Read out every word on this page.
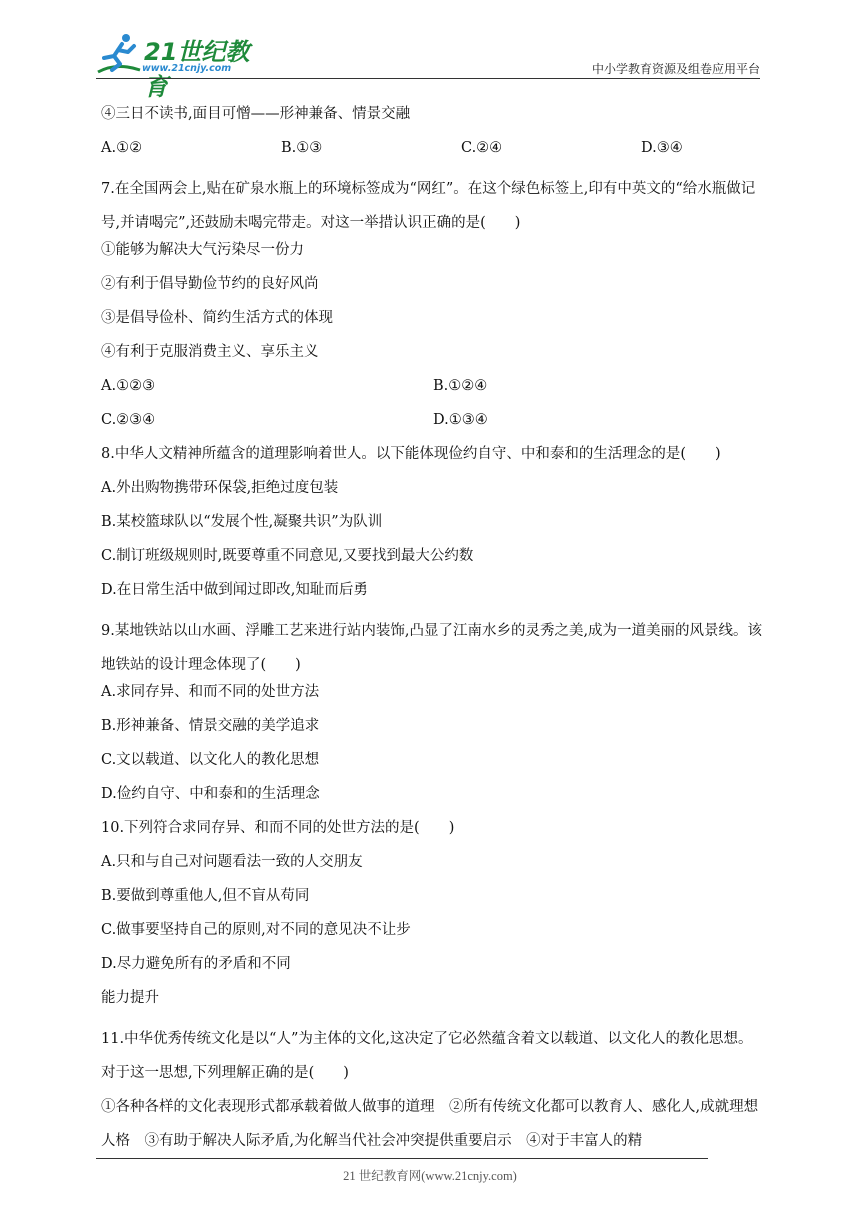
21世纪教育
www.21cnjy.com	中小学教育资源及组卷应用平台
④三日不读书,面目可憎——形神兼备、情景交融
A.①②	B.①③	C.②④	D.③④
7.在全国两会上,贴在矿泉水瓶上的环境标签成为“网红”。在这个绿色标签上,印有中英文的“给水瓶做记号,并请喝完”,还鼓励未喝完带走。对这一举措认识正确的是(　　)
①能够为解决大气污染尽一份力
②有利于倡导勤俭节约的良好风尚
③是倡导俭朴、简约生活方式的体现
④有利于克服消费主义、享乐主义
A.①②③	B.①②④
C.②③④	D.①③④
8.中华人文精神所蕴含的道理影响着世人。以下能体现俭约自守、中和泰和的生活理念的是(　　)
A.外出购物携带环保袋,拒绝过度包装
B.某校篮球队以“发展个性,凝聚共识”为队训
C.制订班级规则时,既要尊重不同意见,又要找到最大公约数
D.在日常生活中做到闻过即改,知耻而后勇
9.某地铁站以山水画、浮雕工艺来进行站内装饰,凸显了江南水乡的灵秀之美,成为一道美丽的风景线。该地铁站的设计理念体现了(　　)
A.求同存异、和而不同的处世方法
B.形神兼备、情景交融的美学追求
C.文以载道、以文化人的教化思想
D.俭约自守、中和泰和的生活理念
10.下列符合求同存异、和而不同的处世方法的是(　　)
A.只和与自己对问题看法一致的人交朋友
B.要做到尊重他人,但不盲从苟同
C.做事要坚持自己的原则,对不同的意见决不让步
D.尽力避免所有的矛盾和不同
能力提升
11.中华优秀传统文化是以“人”为主体的文化,这决定了它必然蕴含着文以载道、以文化人的教化思想。对于这一思想,下列理解正确的是(　　)
①各种各样的文化表现形式都承载着做人做事的道理　②所有传统文化都可以教育人、感化人,成就理想人格　③有助于解决人际矛盾,为化解当代社会冲突提供重要启示　④对于丰富人的精
21 世纪教育网(www.21cnjy.com)
